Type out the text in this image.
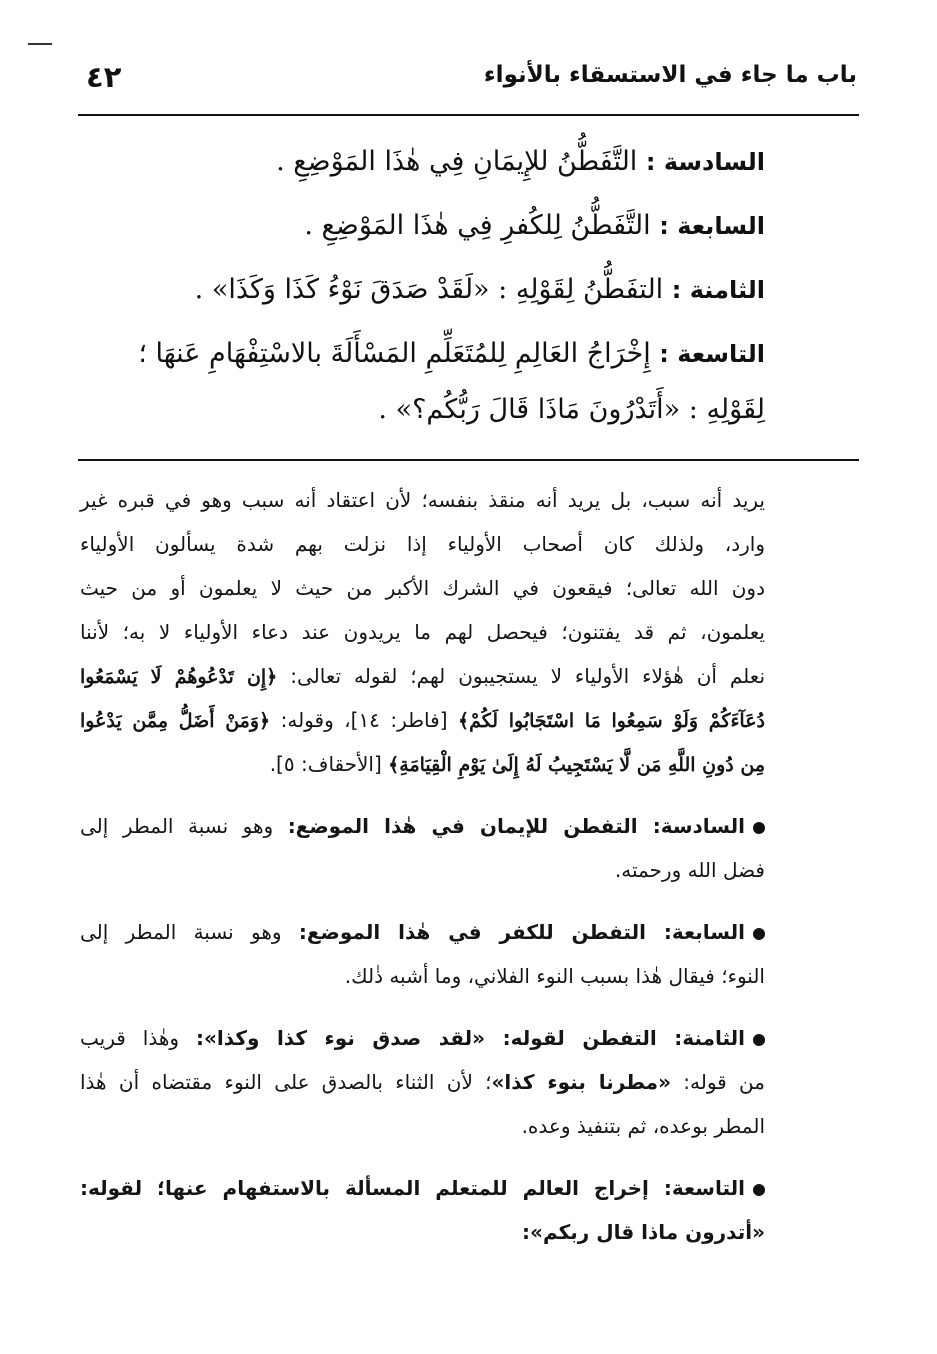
٤٢	باب ما جاء في الاستسقاء بالأنواء
السادسة : التَّفَطُّنُ للإِيمَانِ فِي هٰذَا المَوْضِعِ .
السابعة : التَّفَطُّنُ لِلكُفرِ فِي هٰذَا المَوْضِعِ .
الثامنة : التفَطُّنُ لِقَوْلِهِ : «لَقَدْ صَدَقَ نَوْءُ كَذَا وَكَذَا» .
التاسعة : إِخْرَاجُ العَالِمِ لِلمُتَعَلِّمِ المَسْأَلَةَ بالاسْتِفْهَامِ عَنهَا ؛
لِقَوْلِهِ : «أَتَدْرُونَ مَاذَا قَالَ رَبُّكُم؟» .
يريد أنه سبب، بل يريد أنه منقذ بنفسه؛ لأن اعتقاد أنه سبب وهو في قبره غير
وارد، ولذلك كان أصحاب الأولياء إذا نزلت بهم شدة يسألون الأولياء
دون الله تعالى؛ فيقعون في الشرك الأكبر من حيث لا يعلمون أو من حيث
يعلمون، ثم قد يفتنون؛ فيحصل لهم ما يريدون عند دعاء الأولياء لا به؛ لأننا
نعلم أن هٰؤلاء الأولياء لا يستجيبون لهم؛ لقوله تعالى: ﴿إِن تَدْعُوهُمْ لَا يَسْمَعُوا
دُعَآءَكُمْ وَلَوْ سَمِعُوا مَا اسْتَجَابُوا لَكُمْ﴾ [فاطر: ١٤]، وقوله: ﴿وَمَنْ أَضَلُّ مِمَّن يَدْعُوا
مِن دُونِ اللَّهِ مَن لَّا يَسْتَجِيبُ لَهُ إِلَىٰ يَوْمِ الْقِيَامَةِ﴾ [الأحقاف: ٥].
السادسة: التفطن للإيمان في هٰذا الموضع: وهو نسبة المطر إلى
فضل الله ورحمته.
السابعة: التفطن للكفر في هٰذا الموضع: وهو نسبة المطر إلى
النوء؛ فيقال هٰذا بسبب النوء الفلاني، وما أشبه ذٰلك.
الثامنة: التفطن لقوله: «لقد صدق نوء كذا وكذا»: وهٰذا قريب
من قوله: «مطرنا بنوء كذا»؛ لأن الثناء بالصدق على النوء مقتضاه أن هٰذا
المطر بوعده، ثم بتنفيذ وعده.
التاسعة: إخراج العالم للمتعلم المسألة بالاستفهام عنها؛ لقوله:
«أتدرون ماذا قال ربكم»:
